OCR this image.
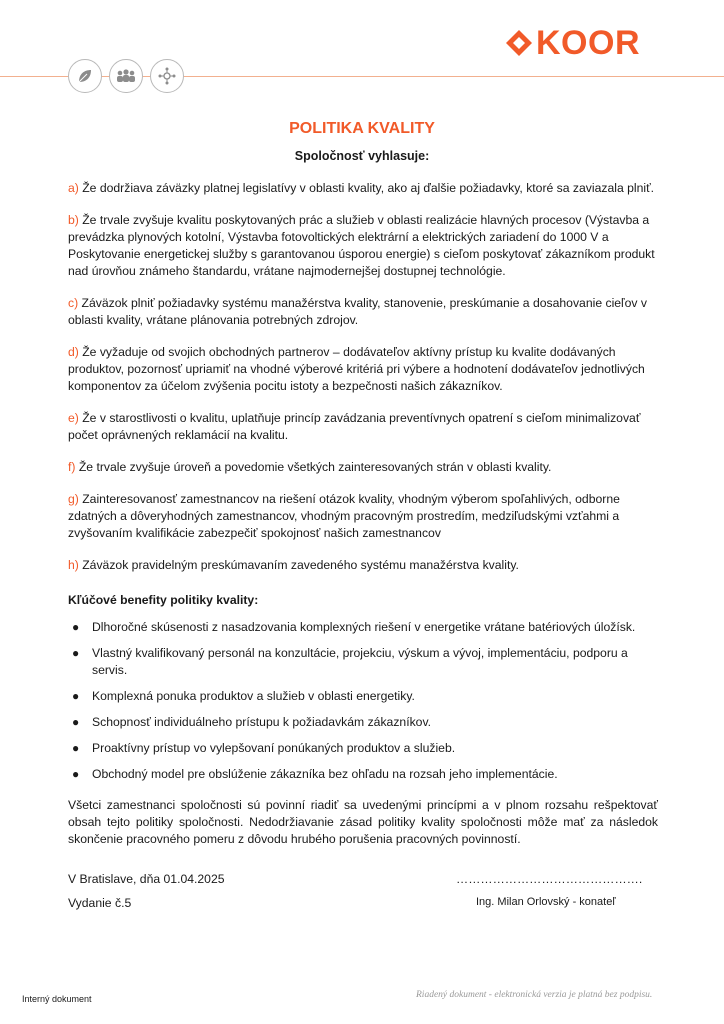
KOOR
POLITIKA KVALITY
Spoločnosť vyhlasuje:

a) Že dodržiava záväzky platnej legislatívy v oblasti kvality, ako aj ďalšie požiadavky, ktoré sa zaviazala plniť.

b) Že trvale zvyšuje kvalitu poskytovaných prác a služieb v oblasti realizácie hlavných procesov (Výstavba a prevádzka plynových kotolní, Výstavba fotovoltických elektrární a elektrických zariadení do 1000 V a Poskytovanie energetickej služby s garantovanou úsporou energie) s cieľom poskytovať zákazníkom produkt nad úrovňou známeho štandardu, vrátane najmodernejšej dostupnej technológie.

c) Záväzok plniť požiadavky systému manažérstva kvality, stanovenie, preskúmanie a dosahovanie cieľov v oblasti kvality, vrátane plánovania potrebných zdrojov.

d) Že vyžaduje od svojich obchodných partnerov – dodávateľov aktívny prístup ku kvalite dodávaných produktov, pozornosť upriamiť na vhodné výberové kritériá pri výbere a hodnotení dodávateľov jednotlivých komponentov za účelom zvýšenia pocitu istoty a bezpečnosti našich zákazníkov.

e) Že v starostlivosti o kvalitu, uplatňuje princíp zavádzania preventívnych opatrení s cieľom minimalizovať počet oprávnených reklamácií na kvalitu.

f) Že trvale zvyšuje úroveň a povedomie všetkých zainteresovaných strán v oblasti kvality.

g) Zainteresovanosť zamestnancov na riešení otázok kvality, vhodným výberom spoľahlivých, odborne zdatných a dôveryhodných zamestnancov, vhodným pracovným prostredím, medziľudskými vzťahmi a zvyšovaním kvalifikácie zabezpečiť spokojnosť našich zamestnancov

h) Záväzok pravidelným preskúmavaním zavedeného systému manažérstva kvality.

Kľúčové benefity politiky kvality:
● Dlhoročné skúsenosti z nasadzovania komplexných riešení v energetike vrátane batériových úložísk.
● Vlastný kvalifikovaný personál na konzultácie, projekciu, výskum a vývoj, implementáciu, podporu a servis.
● Komplexná ponuka produktov a služieb v oblasti energetiky.
● Schopnosť individuálneho prístupu k požiadavkám zákazníkov.
● Proaktívny prístup vo vylepšovaní ponúkaných produktov a služieb.
● Obchodný model pre obslúženie zákazníka bez ohľadu na rozsah jeho implementácie.

Všetci zamestnanci spoločnosti sú povinní riadiť sa uvedenými princípmi a v plnom rozsahu rešpektovať obsah tejto politiky spoločnosti. Nedodržiavanie zásad politiky kvality spoločnosti môže mať za následok skončenie pracovného pomeru z dôvodu hrubého porušenia pracovných povinností.

V Bratislave, dňa 01.04.2025	……………………………………….
Vydanie č.5	Ing. Milan Orlovský - konateľ
Interný dokument	Riadený dokument - elektronická verzia je platná bez podpisu.
